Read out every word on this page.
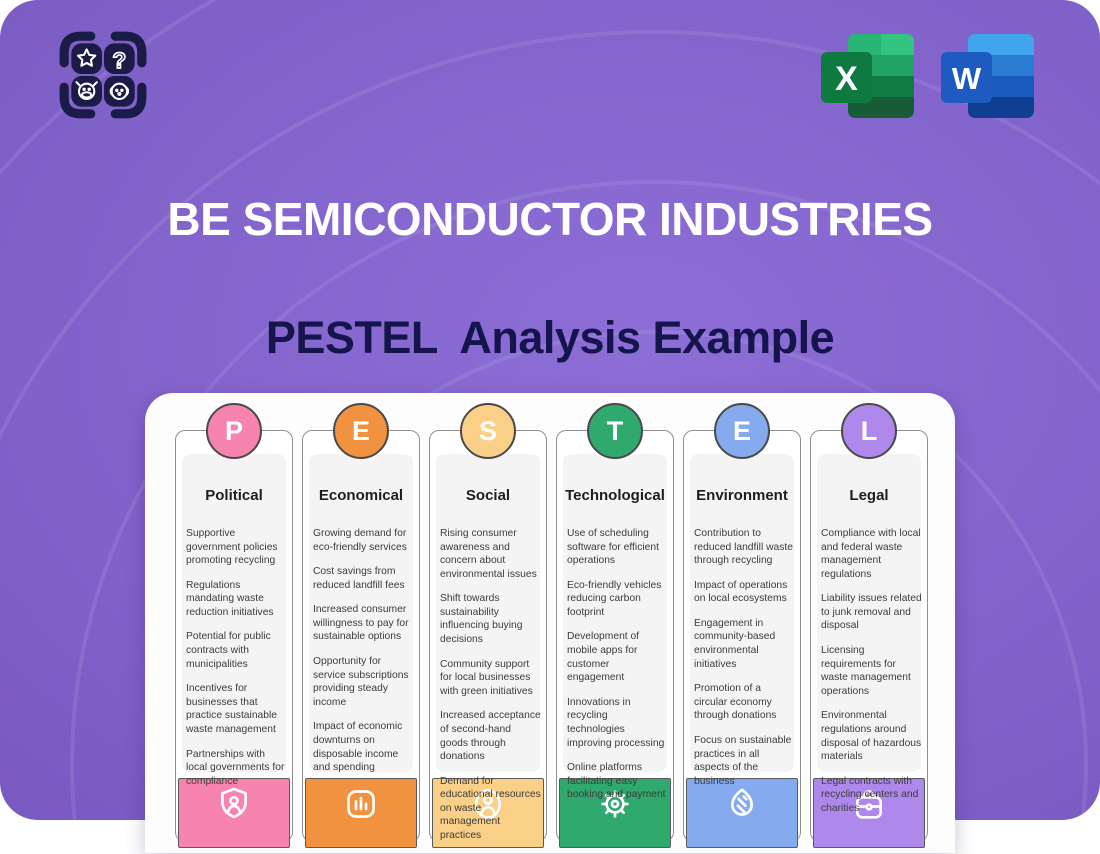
?	X	W
BE SEMICONDUCTOR INDUSTRIES
PESTEL  Analysis Example
P
Political

Supportive government policies promoting recycling

Regulations mandating waste reduction initiatives

Potential for public contracts with municipalities

Incentives for businesses that practice sustainable waste management

Partnerships with local governments for compliance

E
Economical

Growing demand for eco-friendly services

Cost savings from reduced landfill fees

Increased consumer willingness to pay for sustainable options

Opportunity for service subscriptions providing steady income

Impact of economic downturns on disposable income and spending

S
Social

Rising consumer awareness and concern about environmental issues

Shift towards sustainability influencing buying decisions

Community support for local businesses with green initiatives

Increased acceptance of second-hand goods through donations

Demand for educational resources on waste management practices

T
Technological

Use of scheduling software for efficient operations

Eco-friendly vehicles reducing carbon footprint

Development of mobile apps for customer engagement

Innovations in recycling technologies improving processing

Online platforms facilitating easy booking and payment

E
Environment

Contribution to reduced landfill waste through recycling

Impact of operations on local ecosystems

Engagement in community-based environmental initiatives

Promotion of a circular economy through donations

Focus on sustainable practices in all aspects of the business

L
Legal

Compliance with local and federal waste management regulations

Liability issues related to junk removal and disposal

Licensing requirements for waste management operations

Environmental regulations around disposal of hazardous materials

Legal contracts with recycling centers and charities
